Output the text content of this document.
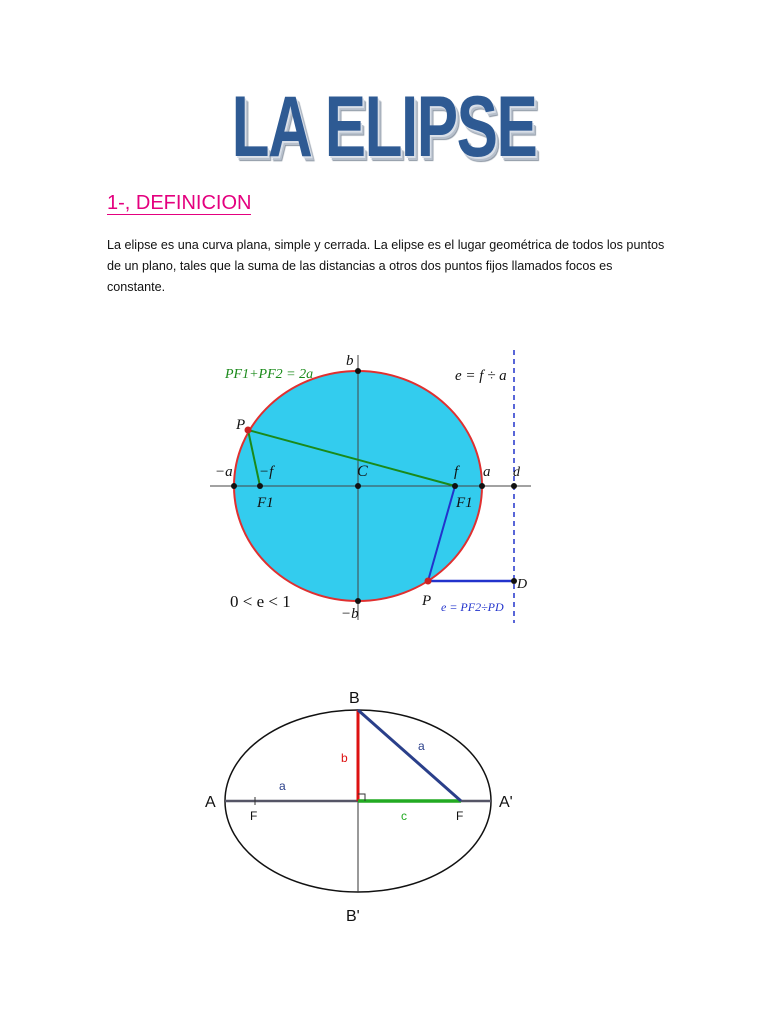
LA ELIPSE
1-, DEFINICION
La elipse es una curva plana, simple y cerrada. La elipse es el lugar geométrica de todos los puntos de un plano, tales que la suma de las distancias a otros dos puntos fijos llamados focos es constante.
PF1+PF2 = 2a	e = f ÷ a
0 < e < 1	e = PF2÷PD
b
−b
−a −f	C	f a d
P
P
D
F1	F1
B
B'
A	A'
F	F
a
a
b
c
